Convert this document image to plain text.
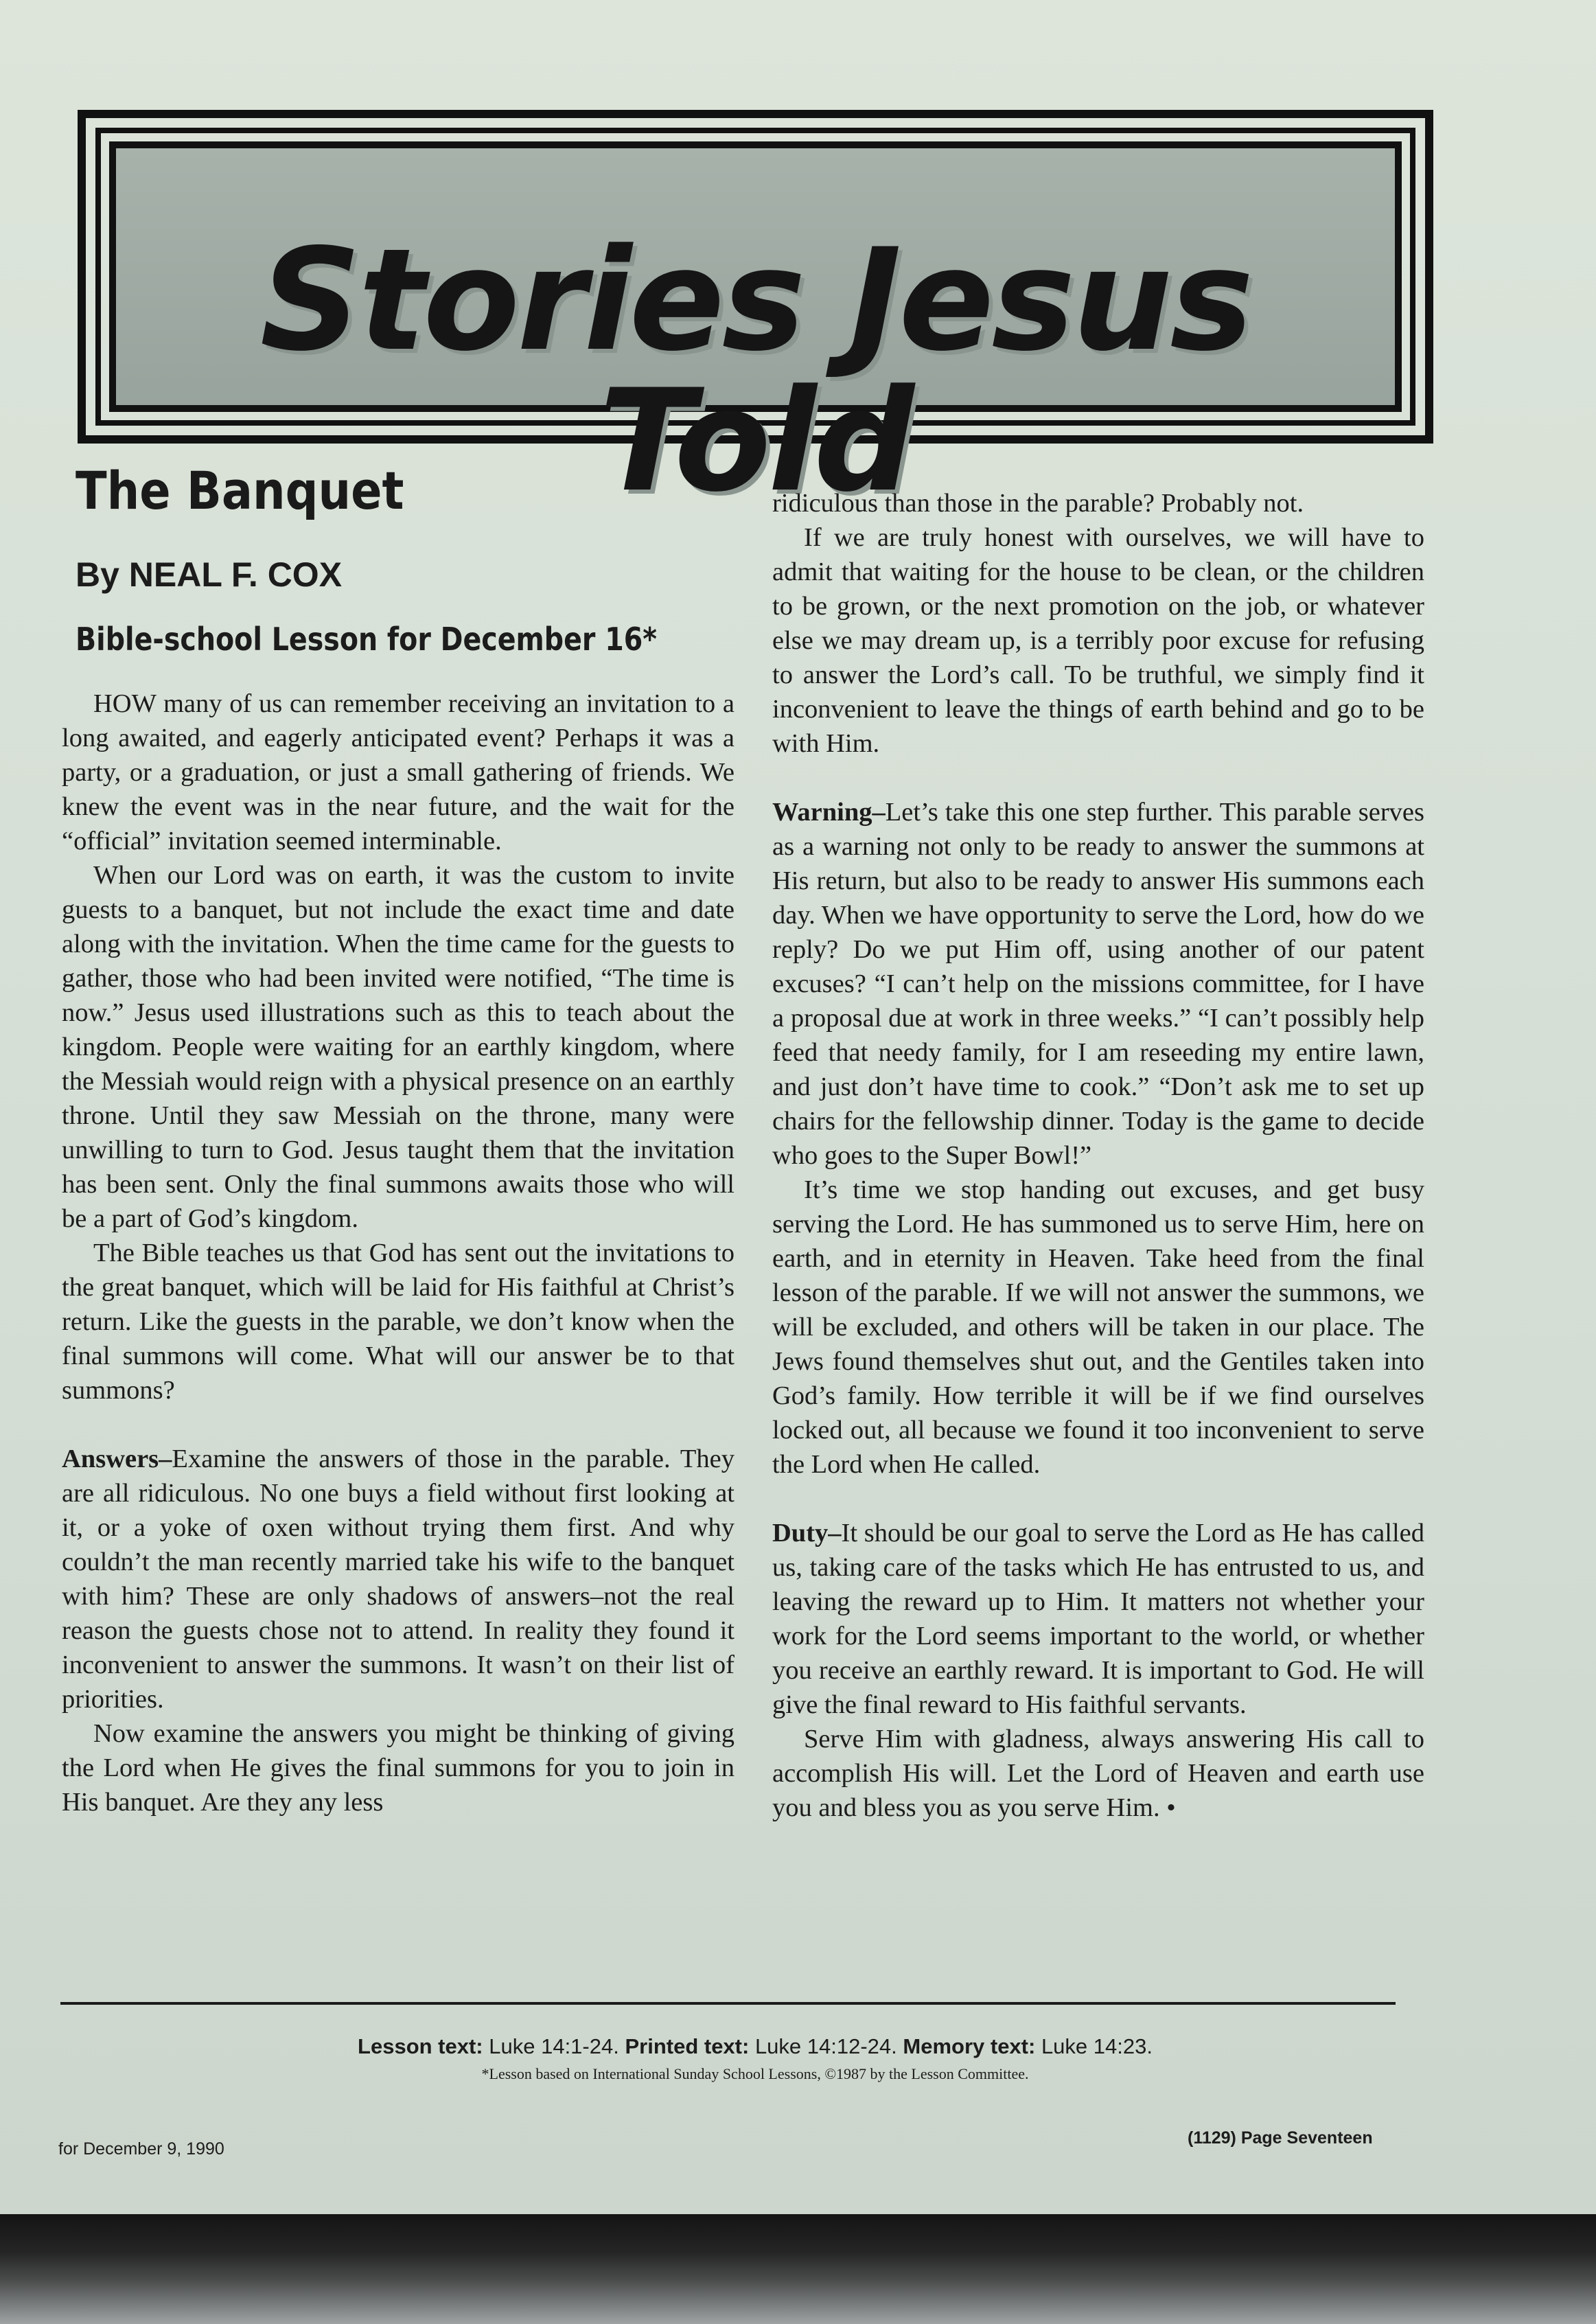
Stories Jesus Told
The Banquet
By NEAL F. COX
Bible-school Lesson for December 16*

HOW many of us can remember receiving an invitation to a long awaited, and eagerly anticipated event? Perhaps it was a party, or a graduation, or just a small gathering of friends. We knew the event was in the near future, and the wait for the “official” invitation seemed interminable.

When our Lord was on earth, it was the custom to invite guests to a banquet, but not include the exact time and date along with the invitation. When the time came for the guests to gather, those who had been invited were notified, “The time is now.” Jesus used illustrations such as this to teach about the kingdom. People were waiting for an earthly kingdom, where the Messiah would reign with a physical presence on an earthly throne. Until they saw Messiah on the throne, many were unwilling to turn to God. Jesus taught them that the invitation has been sent. Only the final summons awaits those who will be a part of God’s kingdom.

The Bible teaches us that God has sent out the invitations to the great banquet, which will be laid for His faithful at Christ’s return. Like the guests in the parable, we don’t know when the final summons will come. What will our answer be to that summons?

Answers–Examine the answers of those in the parable. They are all ridiculous. No one buys a field without first looking at it, or a yoke of oxen without trying them first. And why couldn’t the man recently married take his wife to the banquet with him? These are only shadows of answers–not the real reason the guests chose not to attend. In reality they found it inconvenient to answer the summons. It wasn’t on their list of priorities.

Now examine the answers you might be thinking of giving the Lord when He gives the final summons for you to join in His banquet. Are they any less

ridiculous than those in the parable? Probably not.

If we are truly honest with ourselves, we will have to admit that waiting for the house to be clean, or the children to be grown, or the next promotion on the job, or whatever else we may dream up, is a terribly poor excuse for refusing to answer the Lord’s call. To be truthful, we simply find it inconvenient to leave the things of earth behind and go to be with Him.

Warning–Let’s take this one step further. This parable serves as a warning not only to be ready to answer the summons at His return, but also to be ready to answer His summons each day. When we have opportunity to serve the Lord, how do we reply? Do we put Him off, using another of our patent excuses? “I can’t help on the missions committee, for I have a proposal due at work in three weeks.” “I can’t possibly help feed that needy family, for I am reseeding my entire lawn, and just don’t have time to cook.” “Don’t ask me to set up chairs for the fellowship dinner. Today is the game to decide who goes to the Super Bowl!”

It’s time we stop handing out excuses, and get busy serving the Lord. He has summoned us to serve Him, here on earth, and in eternity in Heaven. Take heed from the final lesson of the parable. If we will not answer the summons, we will be excluded, and others will be taken in our place. The Jews found themselves shut out, and the Gentiles taken into God’s family. How terrible it will be if we find ourselves locked out, all because we found it too inconvenient to serve the Lord when He called.

Duty–It should be our goal to serve the Lord as He has called us, taking care of the tasks which He has entrusted to us, and leaving the reward up to Him. It matters not whether your work for the Lord seems important to the world, or whether you receive an earthly reward. It is important to God. He will give the final reward to His faithful servants.

Serve Him with gladness, always answering His call to accomplish His will. Let the Lord of Heaven and earth use you and bless you as you serve Him. •

Lesson text: Luke 14:1-24. Printed text: Luke 14:12-24. Memory text: Luke 14:23.
*Lesson based on International Sunday School Lessons, ©1987 by the Lesson Committee.
for December 9, 1990
(1129) Page Seventeen
